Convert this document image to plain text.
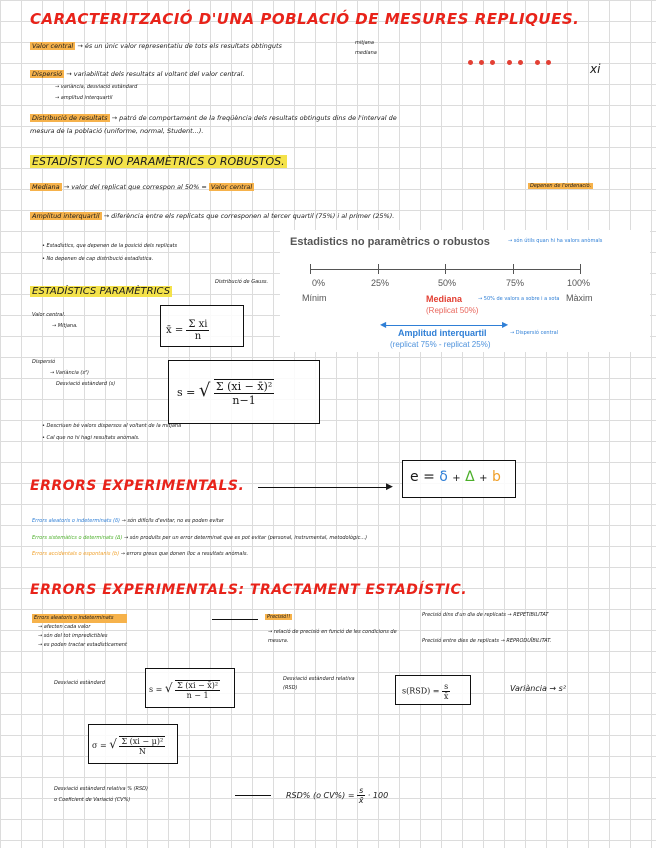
CARACTERITZACIÓ D'UNA POBLACIÓ DE MESURES REPLIQUES.
Valor central → és un únic valor representatiu de tots els resultats obtinguts	mitjana
mediana
xi
Dispersió → variabilitat dels resultats al voltant del valor central.
→ variància, desviació estàndard
→ amplitud interquartil
Distribució de resultats → patró de comportament de la freqüència dels resultats obtinguts dins de l'interval de
mesura de la població (uniforme, normal, Student...).
ESTADÍSTICS NO PARAMÈTRICS O ROBUSTOS.
Mediana → valor del replicat que correspon al 50% = Valor central	Depenen de l'ordenació.
Amplitud interquartil → diferència entre els replicats que corresponen al tercer quartil (75%) i al primer (25%).
• Estadístics, que depenen de la posició dels replicats
• No depenen de cap distribució estadística.
Estadistics no paramètrics o robustos	→ són útils quan hi ha valors anòmals
0%	25%	50%	75%	100%
Mínim	Màxim
Mediana
(Replicat 50%)
→ 50% de valors a sobre i a sota
◀	▶
Amplitud interquartil
(replicat 75% - replicat 25%)
→ Dispersió central
ESTADÍSTICS PARAMÈTRICS
Distribució de Gauss.
Valor central.
→ Mitjana.	x̄ = $\frac{\text{Σ xi}}{n}$
Dispersió
→ Variància (s²)
Desviació estàndard (s)
s = √ $\frac{\text{Σ (xi − x̄)²}}{n-1}$
• Descriuen bé valors dispersos al voltant de la mitjana
• Cal que no hi hagi resultats anòmals.
ERRORS EXPERIMENTALS.	▶
e = δ + Δ + b
Errors aleatoris o indeterminats (δ) → són difícils d'evitar, no es poden evitar
Errors sistemàtics o determinats (Δ) → són produïts per un error determinat que es pot evitar (personal, instrumental, metodològic...)
Errors accidentals o espontanis (b) → errors greus que donen lloc a resultats anòmals.
ERRORS EXPERIMENTALS: TRACTAMENT ESTADÍSTIC.
Errors aleatoris o indeterminats
→ afecten cada valor
→ són del tot impredictibles
→ es poden tractar estadísticament
Precisió!!
→ relació de precisió en funció de les condicions de mesura.
Precisió dins d'un dia de replicats → REPETIBILITAT
Precisió entre dies de replicats → REPRODUÏBILITAT.
Desviació estàndard
s = √ $\frac{\text{Σ (xi − x̄)²}}{n - 1}$
σ = √ $\frac{\text{Σ (xi − μ)²}}{N}$
Desviació estàndard relativa (RSD)	$s(RSD) = \frac{s}{x̄}$	Variància → s²
Desviació estàndard relativa % (RSD)
o Coeficient de Variació (CV%)	RSD% (o $CV\%) = \frac{s}{x̄} \cdot 100$
